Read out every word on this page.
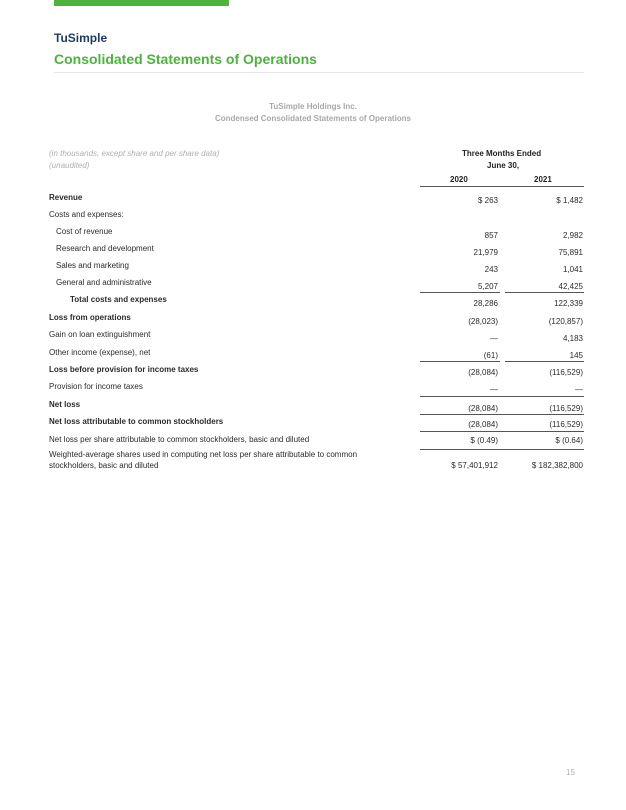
TuSimple
Consolidated Statements of Operations
TuSimple Holdings Inc.
Condensed Consolidated Statements of Operations
(in thousands, except share and per share data)
(unaudited)
Three Months Ended
June 30,
2020	2021
Revenue	$ 263	$ 1,482
Costs and expenses:
Cost of revenue	857	2,982
Research and development	21,979	75,891
Sales and marketing	243	1,041
General and administrative	5,207	42,425
Total costs and expenses	28,286	122,339
Loss from operations	(28,023)	(120,857)
Gain on loan extinguishment	—	4,183
Other income (expense), net	(61)	145
Loss before provision for income taxes	(28,084)	(116,529)
Provision for income taxes	—	—
Net loss	(28,084)	(116,529)
Net loss attributable to common stockholders	(28,084)	(116,529)
Net loss per share attributable to common stockholders, basic and diluted	$ (0.49)	$ (0.64)
Weighted-average shares used in computing net loss per share attributable to common
stockholders, basic and diluted	$ 57,401,912	$ 182,382,800
15
